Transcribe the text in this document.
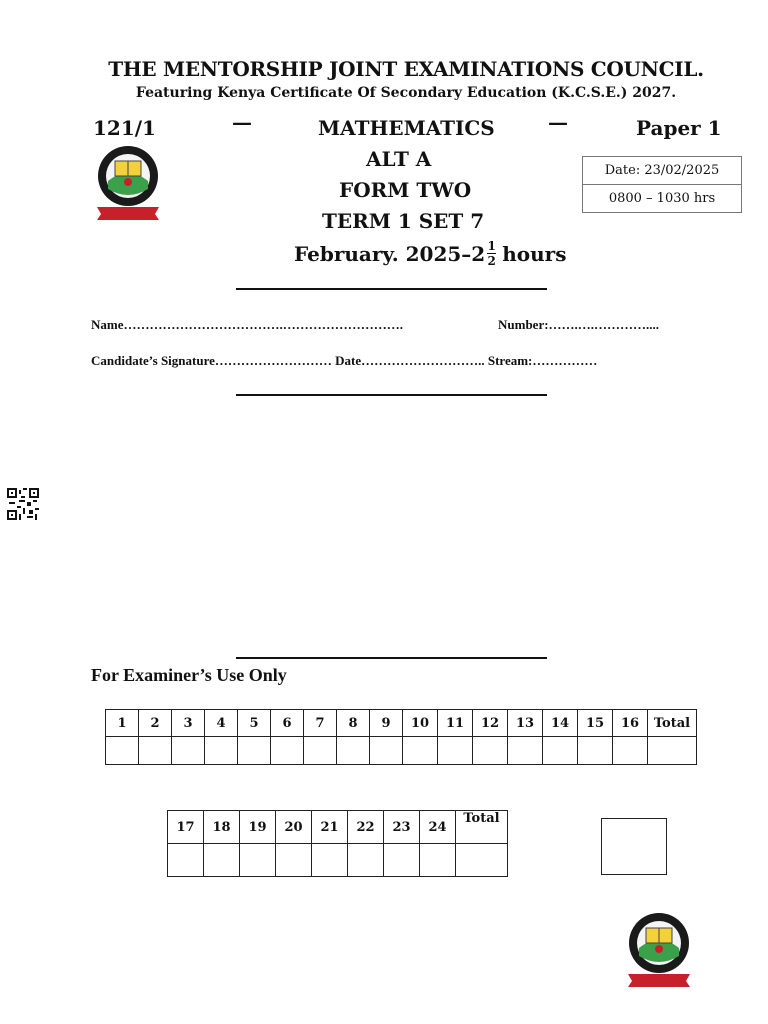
THE MENTORSHIP JOINT EXAMINATIONS COUNCIL.
Featuring Kenya Certificate Of Secondary Education (K.C.S.E.) 2027.
121/1	—	MATHEMATICS	—	Paper 1
ALT A
FORM TWO
TERM 1 SET 7
February. $2025-2 \frac{1}{2}$ hours
Date: 23/02/2025
0800 – 1030 hrs
Name……………………………….……………………….	Number:…….….…………....
Candidate’s Signature……………………… Date……………………….. Stream:……………
For Examiner’s Use Only
1	2	3	4	5	6	7	8	9	10	11	12	13	14	15	16	Total

17	18	19	20	21	22	23	24	Total
